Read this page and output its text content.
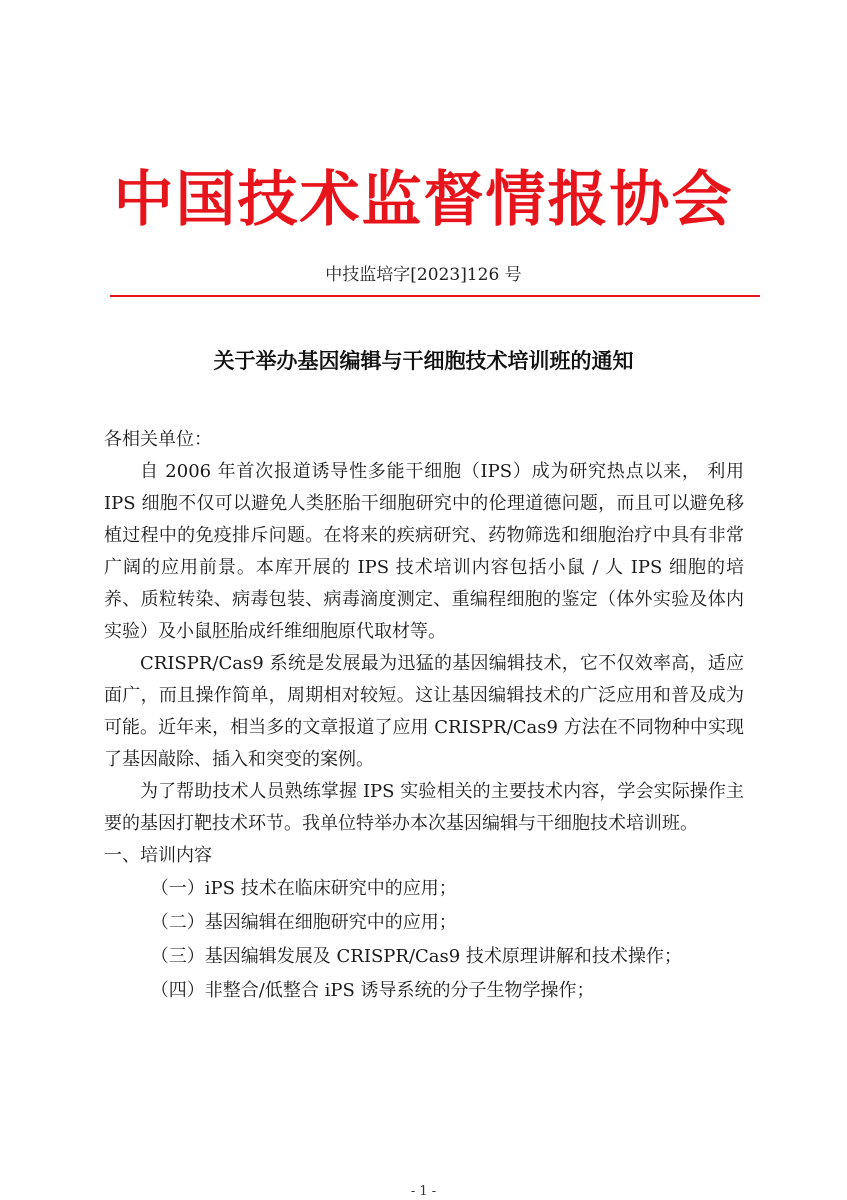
中国技术监督情报协会
中技监培字[2023]126 号
关于举办基因编辑与干细胞技术培训班的通知

各相关单位：

自 2006 年首次报道诱导性多能干细胞（IPS）成为研究热点以来， 利用 IPS 细胞不仅可以避免人类胚胎干细胞研究中的伦理道德问题，而且可以避免移植过程中的免疫排斥问题。在将来的疾病研究、药物筛选和细胞治疗中具有非常广阔的应用前景。本库开展的 IPS 技术培训内容包括小鼠 / 人 IPS 细胞的培养、质粒转染、病毒包装、病毒滴度测定、重编程细胞的鉴定（体外实验及体内实验）及小鼠胚胎成纤维细胞原代取材等。

CRISPR/Cas9 系统是发展最为迅猛的基因编辑技术，它不仅效率高，适应面广，而且操作简单，周期相对较短。这让基因编辑技术的广泛应用和普及成为可能。近年来，相当多的文章报道了应用 CRISPR/Cas9 方法在不同物种中实现了基因敲除、插入和突变的案例。

为了帮助技术人员熟练掌握 IPS 实验相关的主要技术内容，学会实际操作主要的基因打靶技术环节。我单位特举办本次基因编辑与干细胞技术培训班。

一、培训内容

（一）iPS 技术在临床研究中的应用；
（二）基因编辑在细胞研究中的应用；
（三）基因编辑发展及 CRISPR/Cas9 技术原理讲解和技术操作；
（四）非整合/低整合 iPS 诱导系统的分子生物学操作；
- 1 -
